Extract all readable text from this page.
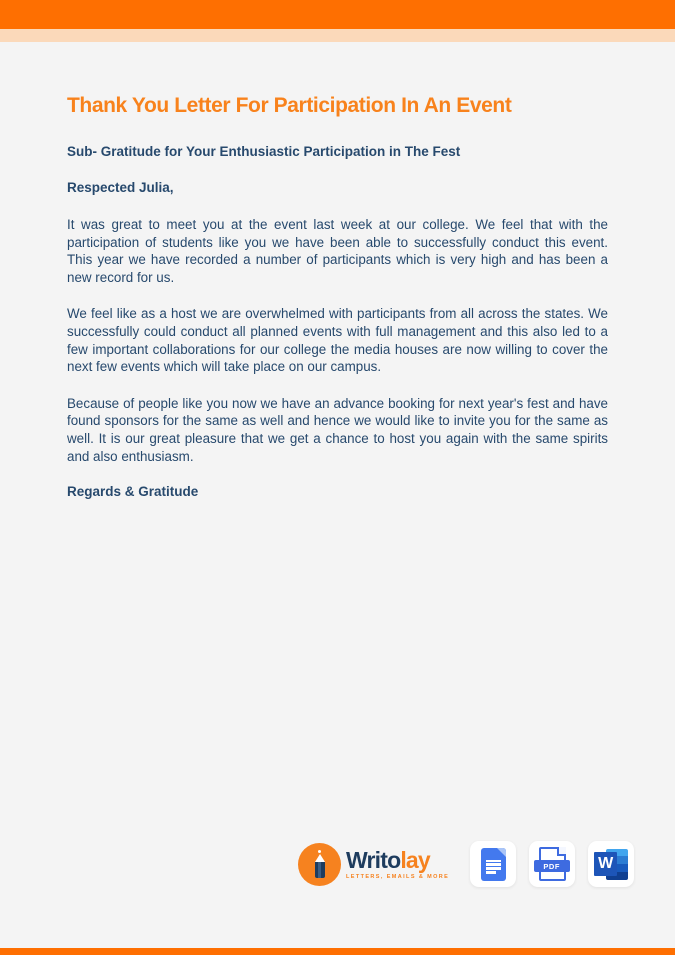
Thank You Letter For Participation In An Event

Sub- Gratitude for Your Enthusiastic Participation in The Fest

Respected Julia,

It was great to meet you at the event last week at our college. We feel that with the participation of students like you we have been able to successfully conduct this event. This year we have recorded a number of participants which is very high and has been a new record for us.

We feel like as a host we are overwhelmed with participants from all across the states. We successfully could conduct all planned events with full management and this also led to a few important collaborations for our college the media houses are now willing to cover the next few events which will take place on our campus.

Because of people like you now we have an advance booking for next year's fest and have found sponsors for the same as well and hence we would like to invite you for the same as well. It is our great pleasure that we get a chance to host you again with the same spirits and also enthusiasm.

Regards & Gratitude

Writolay
LETTERS, EMAILS & MORE
PDF	W
